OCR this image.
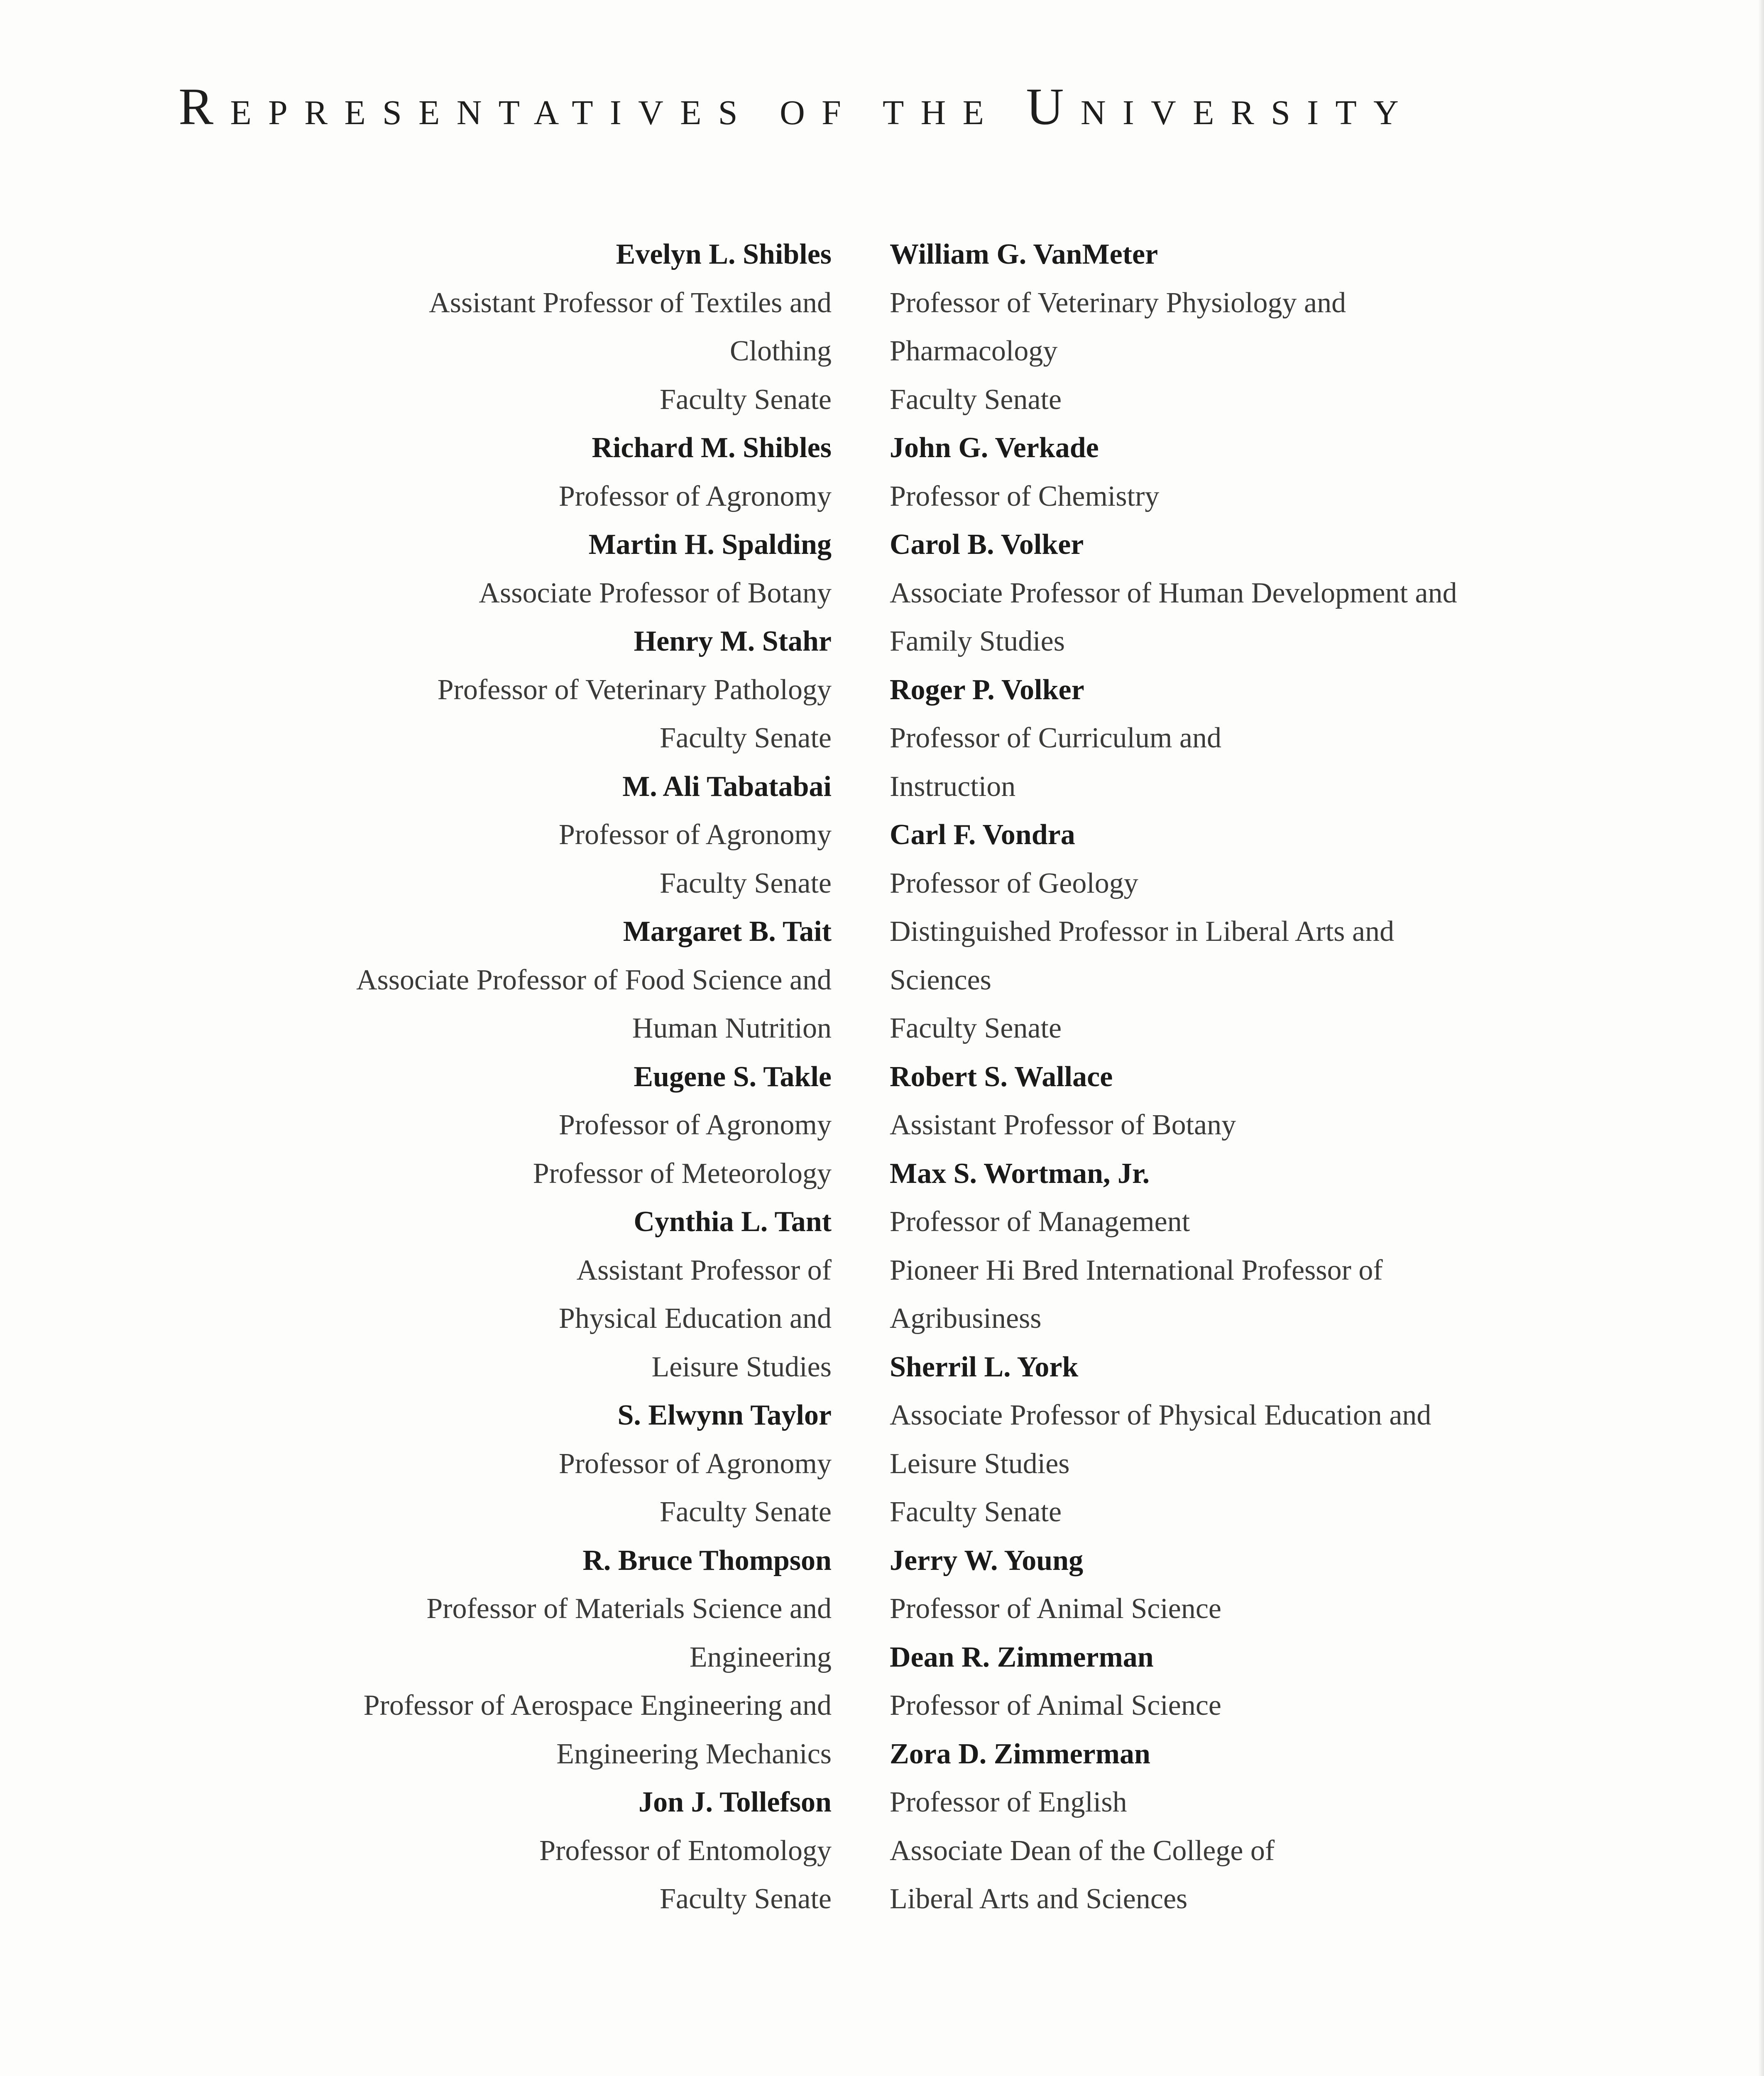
REPRESENTATIVES OF THE UNIVERSITY
Evelyn L. Shibles
Assistant Professor of Textiles and
Clothing
Faculty Senate
Richard M. Shibles
Professor of Agronomy
Martin H. Spalding
Associate Professor of Botany
Henry M. Stahr
Professor of Veterinary Pathology
Faculty Senate
M. Ali Tabatabai
Professor of Agronomy
Faculty Senate
Margaret B. Tait
Associate Professor of Food Science and
Human Nutrition
Eugene S. Takle
Professor of Agronomy
Professor of Meteorology
Cynthia L. Tant
Assistant Professor of
Physical Education and
Leisure Studies
S. Elwynn Taylor
Professor of Agronomy
Faculty Senate
R. Bruce Thompson
Professor of Materials Science and
Engineering
Professor of Aerospace Engineering and
Engineering Mechanics
Jon J. Tollefson
Professor of Entomology
Faculty Senate
William G. VanMeter
Professor of Veterinary Physiology and
Pharmacology
Faculty Senate
John G. Verkade
Professor of Chemistry
Carol B. Volker
Associate Professor of Human Development and
Family Studies
Roger P. Volker
Professor of Curriculum and
Instruction
Carl F. Vondra
Professor of Geology
Distinguished Professor in Liberal Arts and
Sciences
Faculty Senate
Robert S. Wallace
Assistant Professor of Botany
Max S. Wortman, Jr.
Professor of Management
Pioneer Hi Bred International Professor of
Agribusiness
Sherril L. York
Associate Professor of Physical Education and
Leisure Studies
Faculty Senate
Jerry W. Young
Professor of Animal Science
Dean R. Zimmerman
Professor of Animal Science
Zora D. Zimmerman
Professor of English
Associate Dean of the College of
Liberal Arts and Sciences
